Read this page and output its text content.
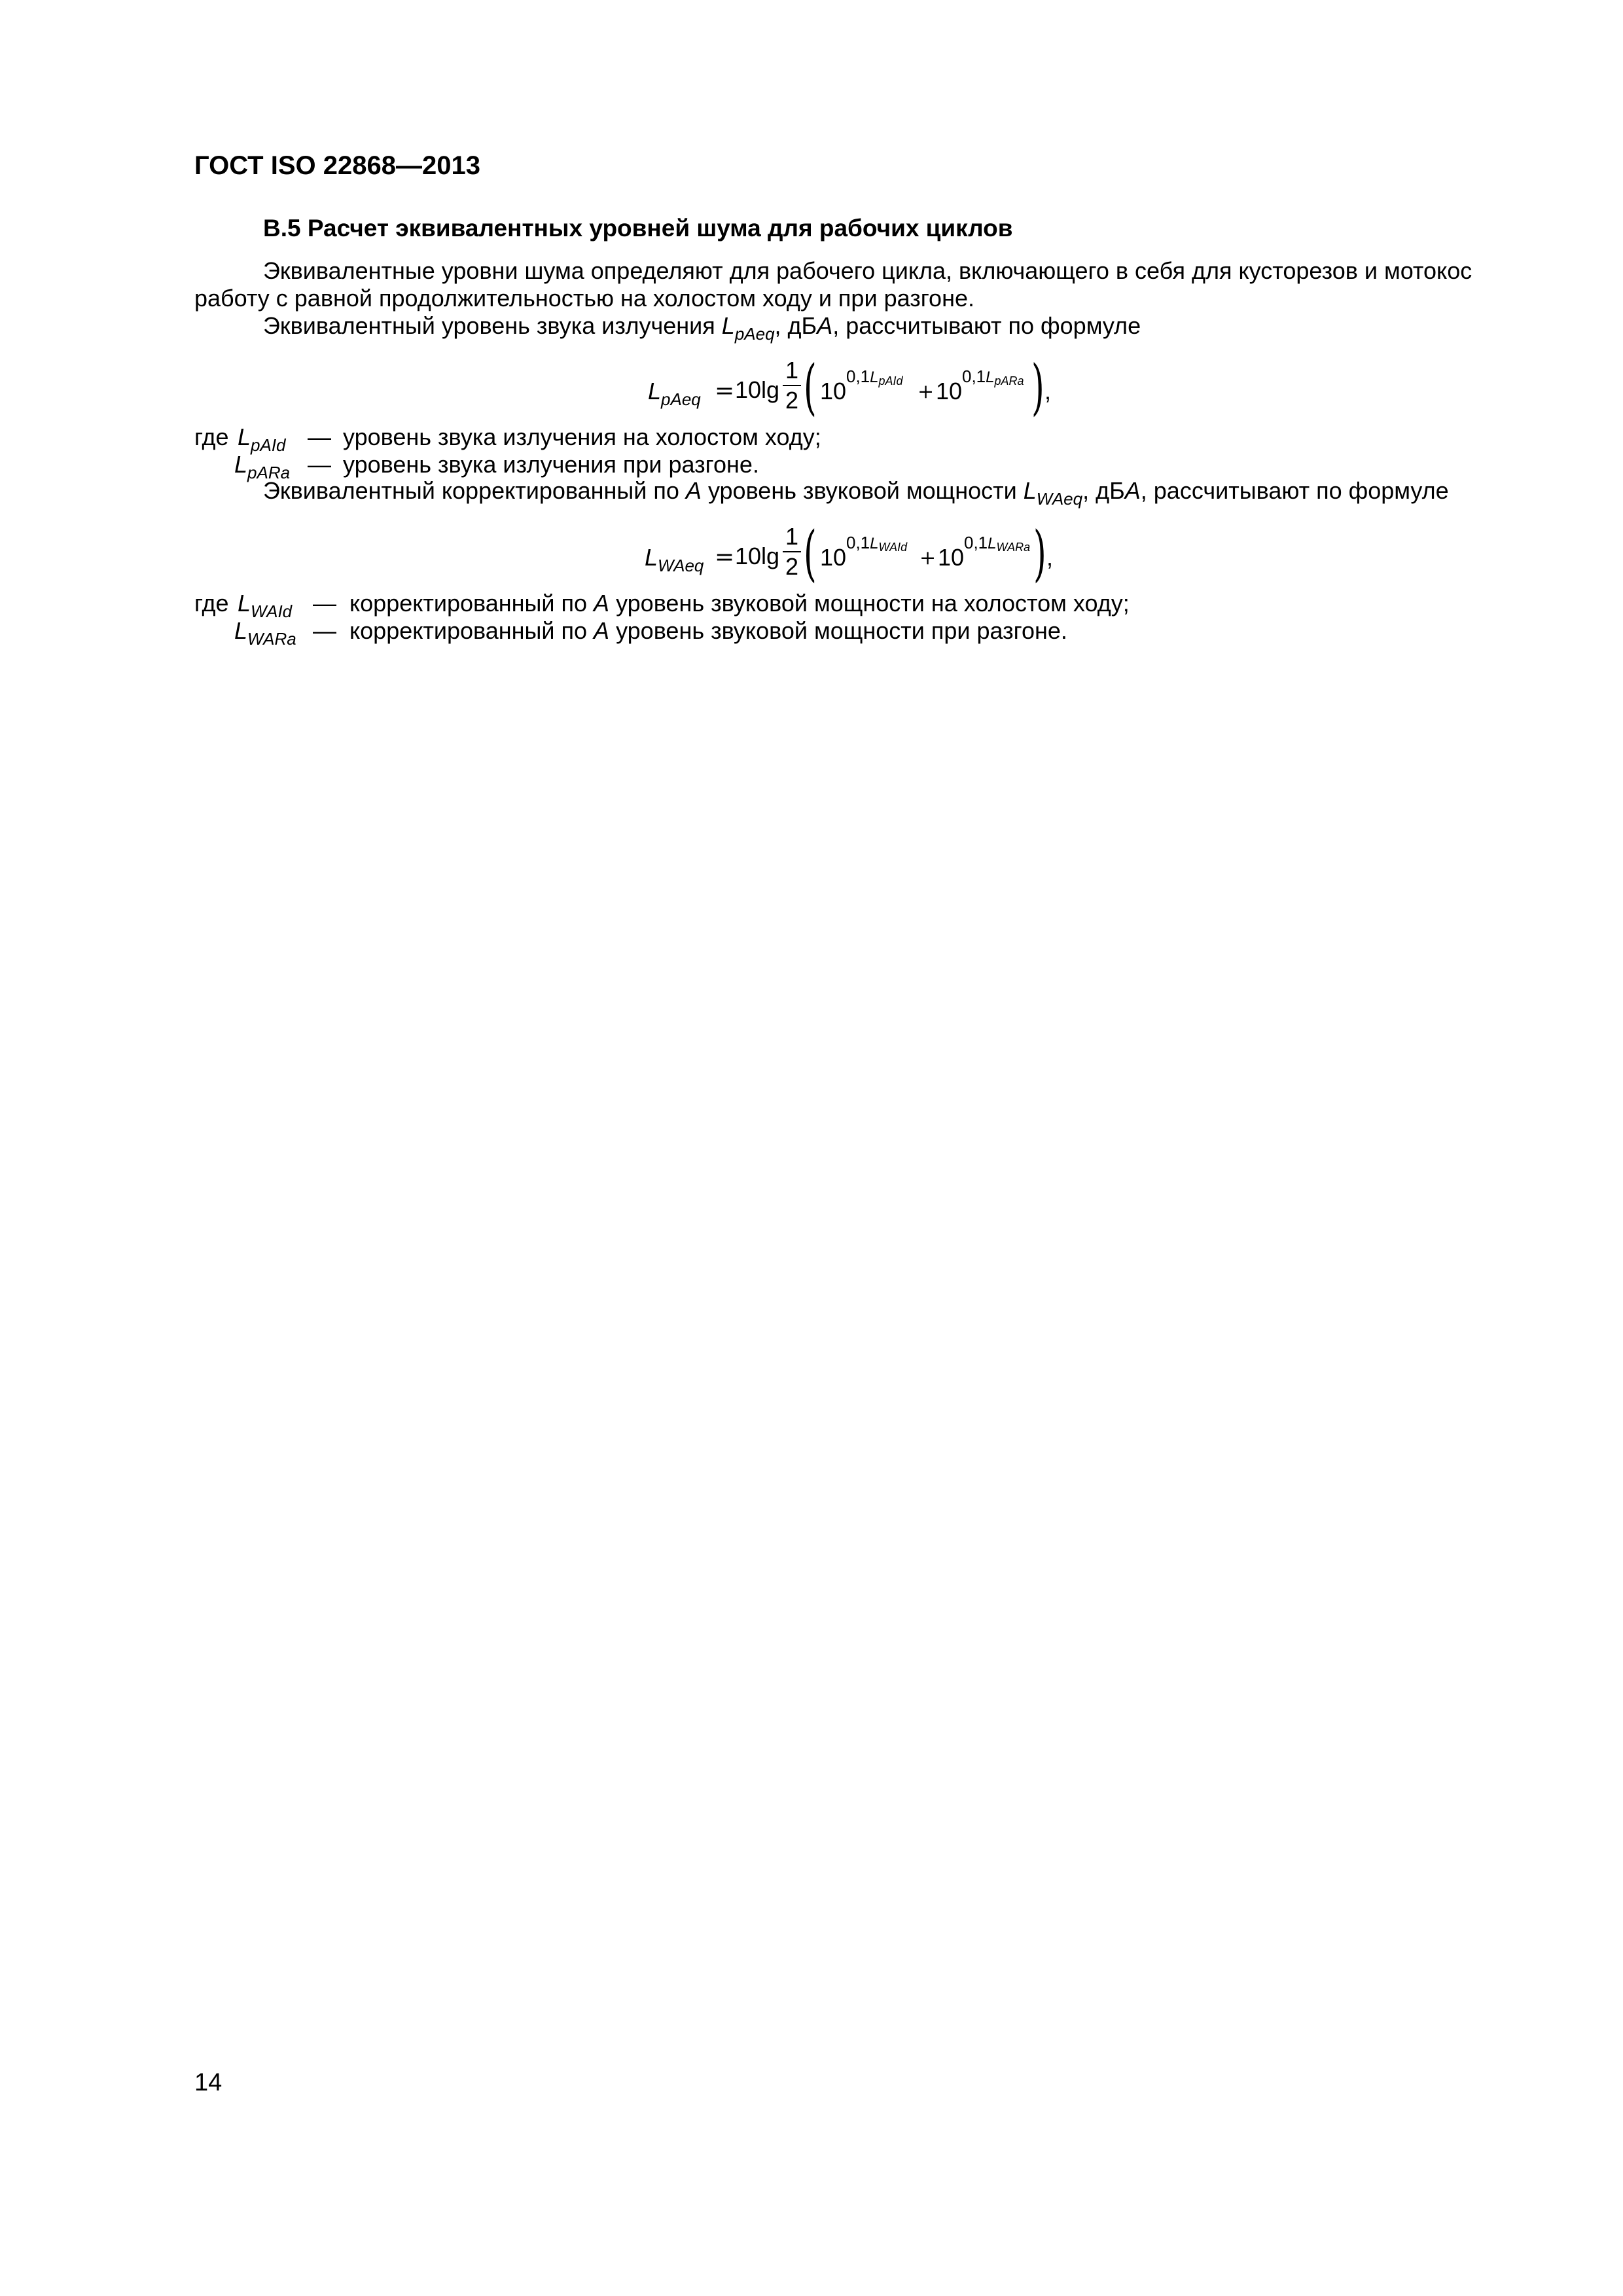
ГОСТ ISO 22868—2013
B.5 Расчет эквивалентных уровней шума для рабочих циклов
Эквивалентные уровни шума определяют для рабочего цикла, включающего в себя для кусторезов и мотокос
работу с равной продолжительностью на холостом ходу и при разгоне.
Эквивалентный уровень звука излучения $L_{pAeq}$, дБA, рассчитывают по формуле
$L_{pAeq} = 10\lg \frac{1}{2}$ ( 10
$0,1L_{pAId} + 10$
$0,1L_{pARa}$ ) ,
где $L_{pAId}$ — уровень звука излучения на холостом ходу;
$L_{pARa}$ — уровень звука излучения при разгоне.
Эквивалентный корректированный по A уровень звуковой мощности $L_{WAeq}$, дБA, рассчитывают по формуле
$L_{WAeq} = 10\lg \frac{1}{2}$ ( 10
$0,1L_{WAId} + 10$
$0,1L_{WARa}$ ) ,
где $L_{WAId}$ — корректированный по A уровень звуковой мощности на холостом ходу;
$L_{WARa}$ — корректированный по A уровень звуковой мощности при разгоне.
14
